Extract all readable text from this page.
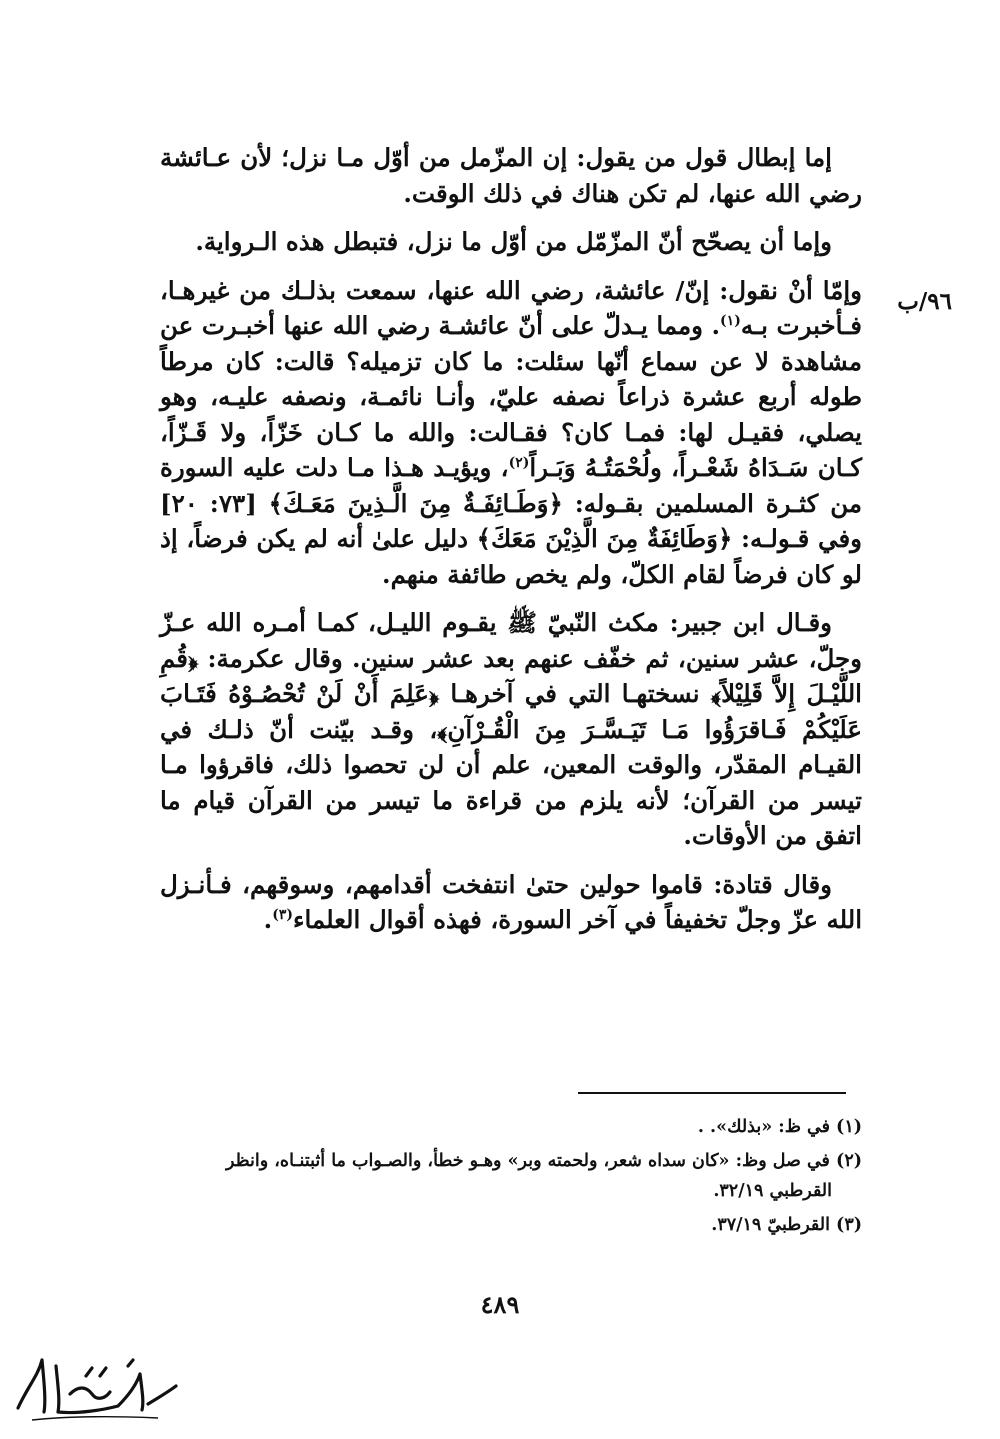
٩٦/ب

إما إبطال قول من يقول: إن المزّمل من أوّل مـا نزل؛ لأن عـائشة رضي الله عنها، لم تكن هناك في ذلك الوقت.

وإما أن يصحّح أنّ المزّمّل من أوّل ما نزل، فتبطل هذه الـرواية.

وإمّا أنْ نقول: إنّ/ عائشة، رضي الله عنها، سمعت بذلـك من غيرهـا، فـأخبرت بـه$^{(١)}$. ومما يـدلّ على أنّ عائشـة رضي الله عنها أخبـرت عن مشاهدة لا عن سماع أنّها سئلت: ما كان تزميله؟ قالت: كان مرطاً طوله أربع عشرة ذراعاً نصفه عليّ، وأنـا نائمـة، ونصفه عليـه، وهو يصلي، فقيـل لها: فمـا كان؟ فقـالت: والله ما كـان خَزّاً، ولا قَـزّاً، كـان سَـدَاهُ شَعْـراً، ولُحْمَتُـهُ وَبَـراً$^{(٢)}$، ويؤيـد هـذا مـا دلت عليه السورة من كثـرة المسلمين بقـوله: ﴿وَطَـائِفَـةٌ مِنَ الَّـذِينَ مَعَـكَ﴾ [٧٣: ٢٠] وفي قـولـه: ﴿وَطَائِفَةٌ مِنَ الَّذِيْنَ مَعَكَ﴾ دليل علىٰ أنه لم يكن فرضاً، إذ لو كان فرضاً لقام الكلّ، ولم يخص طائفة منهم.

وقـال ابن جبير: مكث النّبيّ ﷺ يقـوم الليـل، كمـا أمـره الله عـزّ وجلّ، عشر سنين، ثم خفّف عنهم بعد عشر سنين. وقال عكرمة: ﴿قُمِ اللَّيْـلَ إِلاَّ قَلِيْلاً﴾ نسختهـا التي في آخرهـا ﴿عَلِمَ أَنْ لَنْ تُحْصُـوْهُ فَتَـابَ عَلَيْكُمْ فَـاقرَؤُوا مَـا تَيَـسَّـرَ مِنَ الْقُـرْآنِ﴾، وقـد بيّنت أنّ ذلـك في القيـام المقدّر، والوقت المعين، علم أن لن تحصوا ذلك، فاقرؤوا مـا تيسر من القرآن؛ لأنه يلزم من قراءة ما تيسر من القرآن قيام ما اتفق من الأوقات.

وقال قتادة: قاموا حولين حتىٰ انتفخت أقدامهم، وسوقهم، فـأنـزل الله عزّ وجلّ تخفيفاً في آخر السورة، فهذه أقوال العلماء$^{(٣)}$.

(١) في ظ: «بذلك». .
(٢) في صل وظ: «كان سداه شعر، ولحمته وبر» وهـو خطأ، والصـواب ما أثبتنـاه، وانظر
القرطبي ٣٢/١٩.
(٣) القرطبيّ ٣٧/١٩.
٤٨٩
